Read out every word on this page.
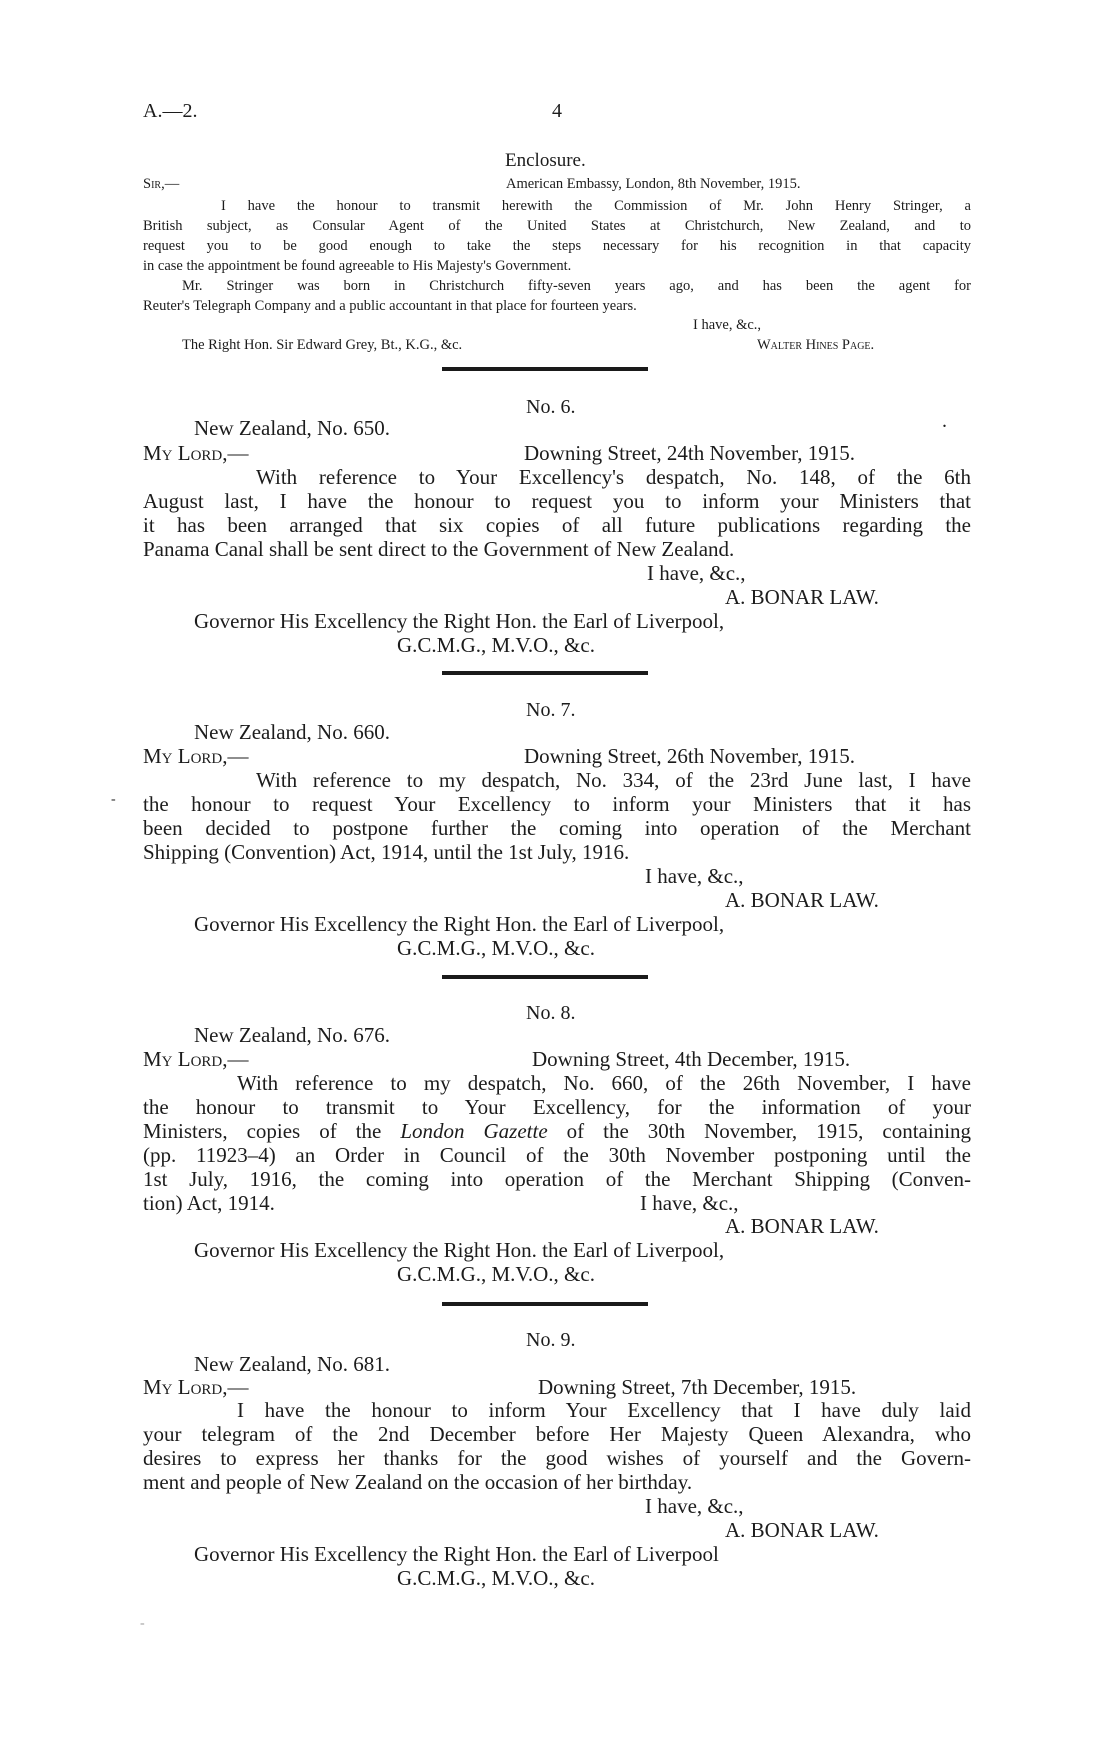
A.—2.	4
Enclosure.
Sir,—	American Embassy, London, 8th November, 1915.
I have the honour to transmit herewith the Commission of Mr. John Henry Stringer, a
British subject, as Consular Agent of the United States at Christchurch, New Zealand, and to
request you to be good enough to take the steps necessary for his recognition in that capacity
in case the appointment be found agreeable to His Majesty's Government.
Mr. Stringer was born in Christchurch fifty-seven years ago, and has been the agent for
Reuter's Telegraph Company and a public accountant in that place for fourteen years.
I have, &c.,
The Right Hon. Sir Edward Grey, Bt., K.G., &c.	Walter Hines Page.
No. 6.
New Zealand, No. 650.	.
My Lord,—	Downing Street, 24th November, 1915.
With reference to Your Excellency's despatch, No. 148, of the 6th
August last, I have the honour to request you to inform your Ministers that
it has been arranged that six copies of all future publications regarding the
Panama Canal shall be sent direct to the Government of New Zealand.
I have, &c.,
A. BONAR LAW.
Governor His Excellency the Right Hon. the Earl of Liverpool,
G.C.M.G., M.V.O., &c.
No. 7.
New Zealand, No. 660.
My Lord,—	Downing Street, 26th November, 1915.
With reference to my despatch, No. 334, of the 23rd June last, I have
- the honour to request Your Excellency to inform your Ministers that it has
been decided to postpone further the coming into operation of the Merchant
Shipping (Convention) Act, 1914, until the 1st July, 1916.
I have, &c.,
A. BONAR LAW.
Governor His Excellency the Right Hon. the Earl of Liverpool,
G.C.M.G., M.V.O., &c.
No. 8.
New Zealand, No. 676.
My Lord,—	Downing Street, 4th December, 1915.
With reference to my despatch, No. 660, of the 26th November, I have
the honour to transmit to Your Excellency, for the information of your
Ministers, copies of the London Gazette of the 30th November, 1915, containing
(pp. 11923–4) an Order in Council of the 30th November postponing until the
1st July, 1916, the coming into operation of the Merchant Shipping (Conven-
tion) Act, 1914.	I have, &c.,
A. BONAR LAW.
Governor His Excellency the Right Hon. the Earl of Liverpool,
G.C.M.G., M.V.O., &c.
No. 9.
New Zealand, No. 681.
My Lord,—	Downing Street, 7th December, 1915.
I have the honour to inform Your Excellency that I have duly laid
your telegram of the 2nd December before Her Majesty Queen Alexandra, who
desires to express her thanks for the good wishes of yourself and the Govern-
ment and people of New Zealand on the occasion of her birthday.
I have, &c.,
A. BONAR LAW.
Governor His Excellency the Right Hon. the Earl of Liverpool
G.C.M.G., M.V.O., &c.
-
